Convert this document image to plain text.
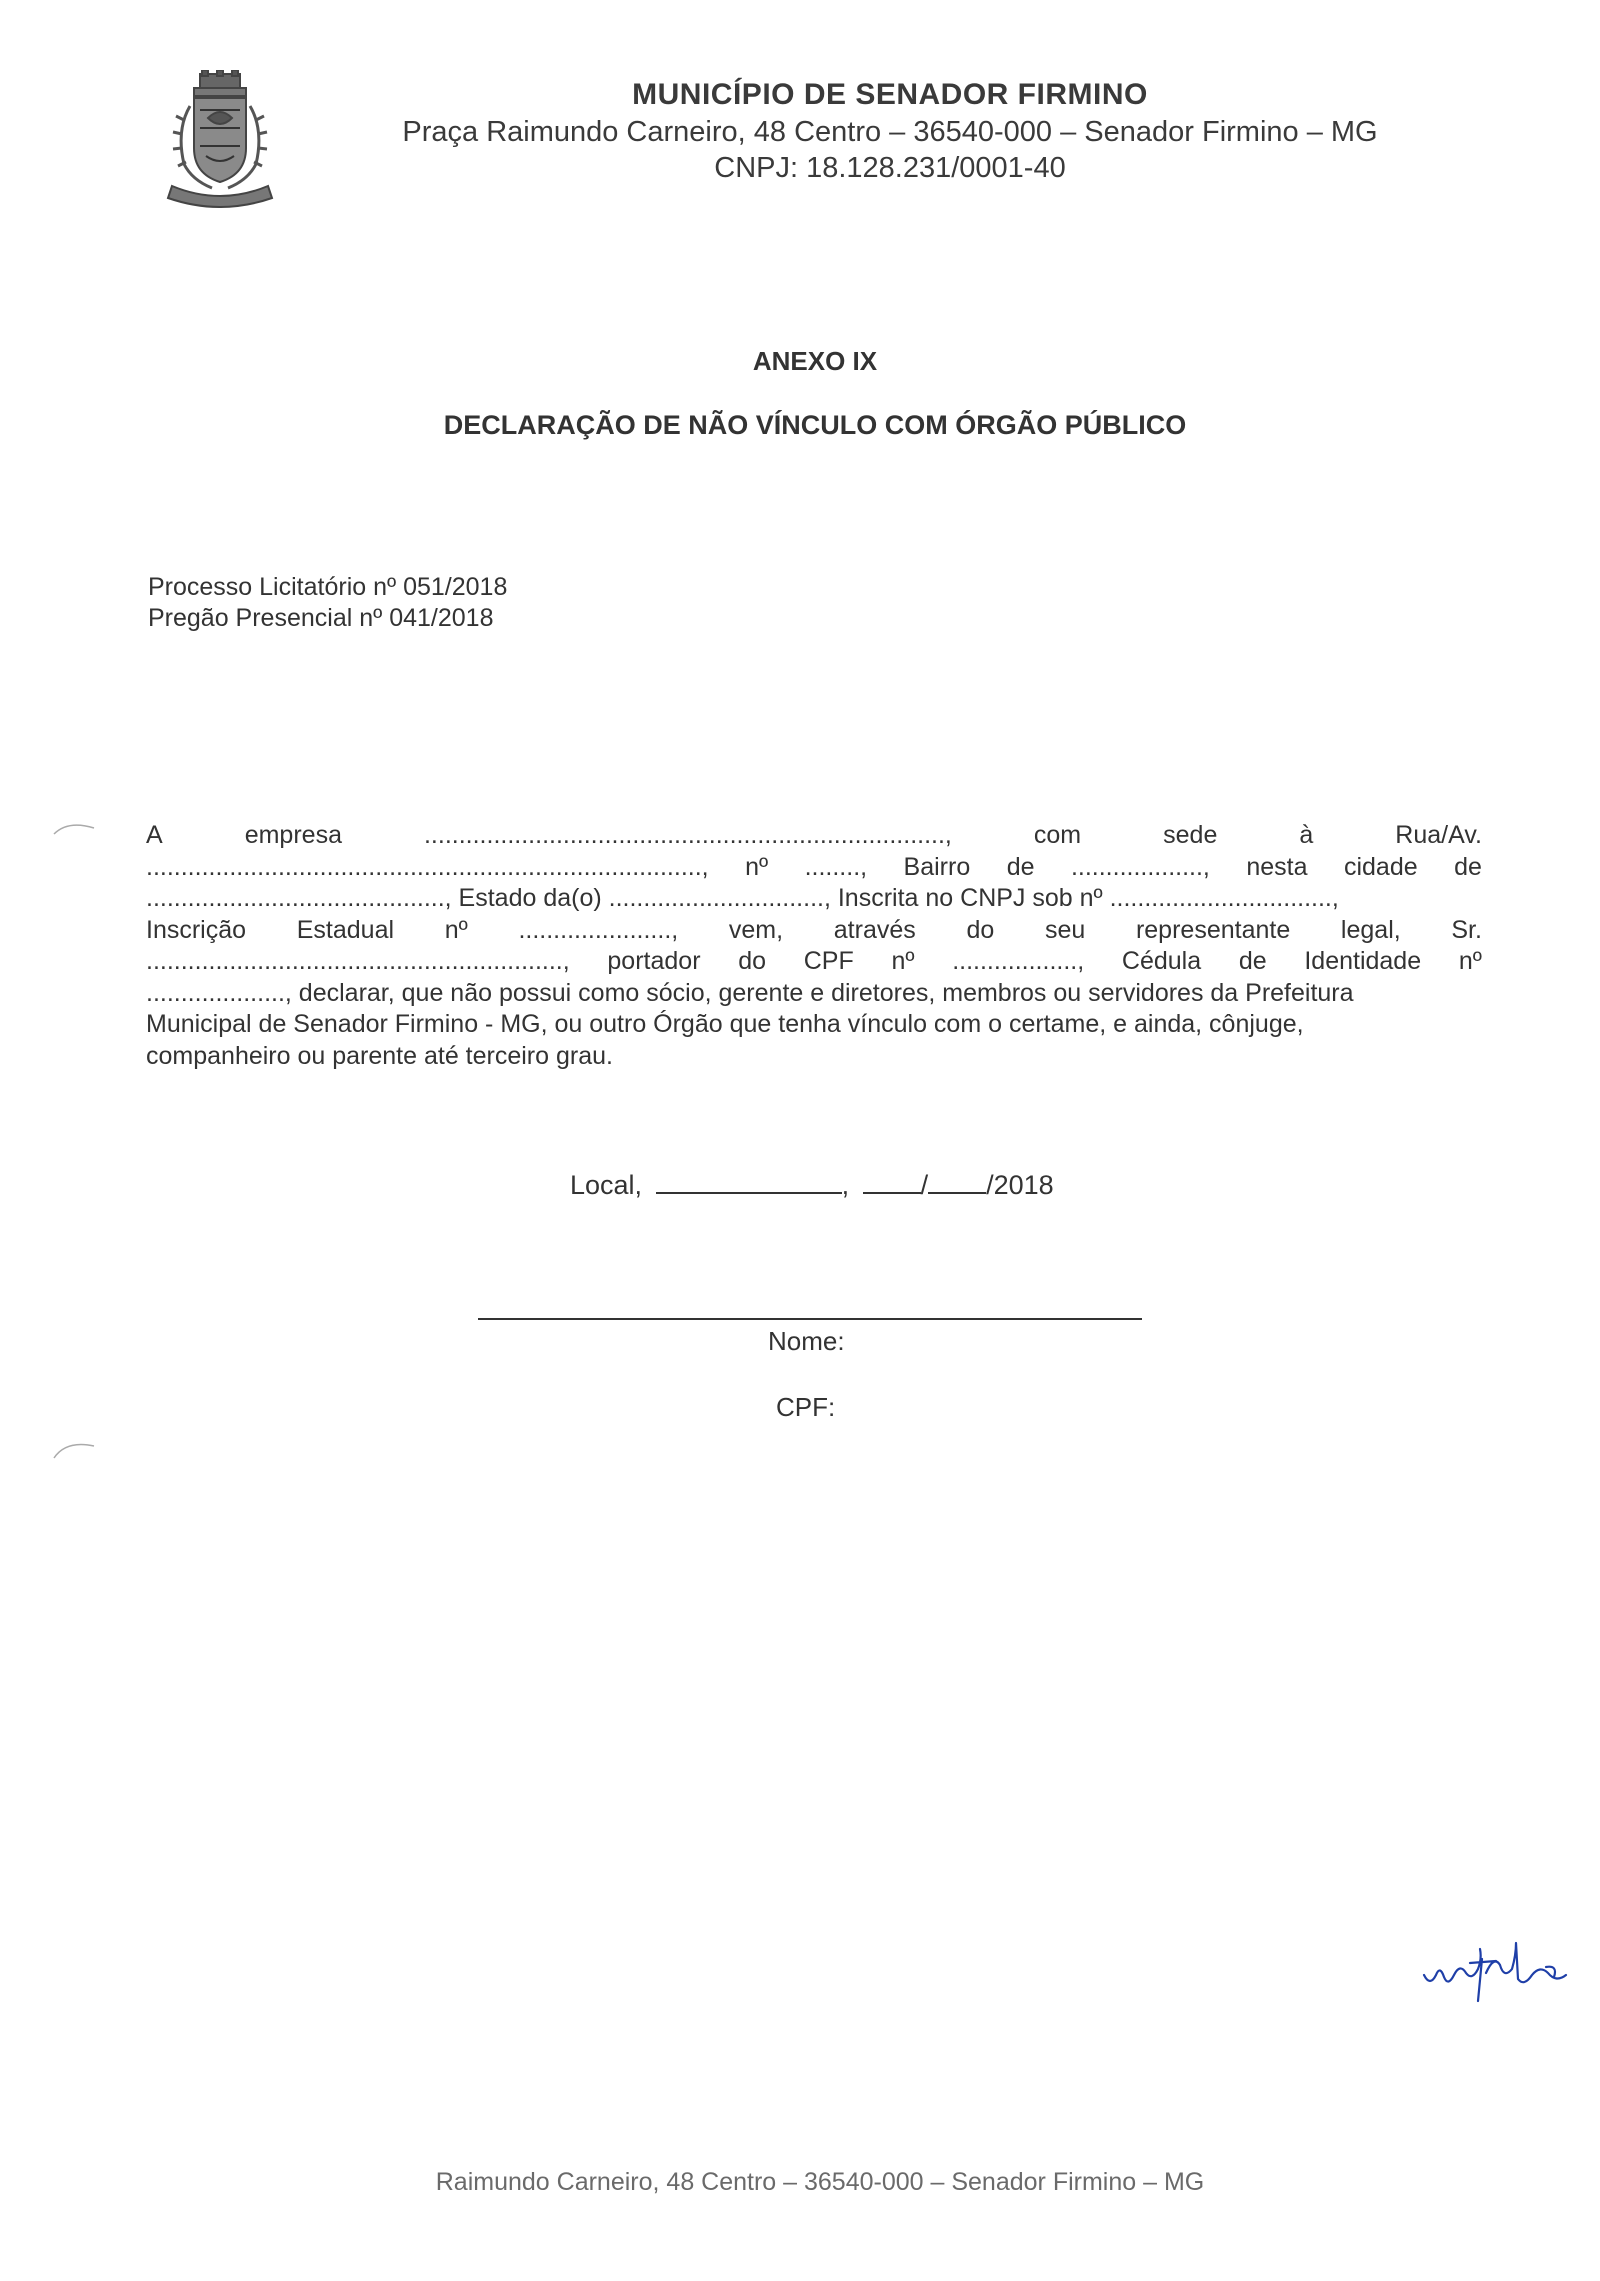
MUNICÍPIO DE SENADOR FIRMINO
Praça Raimundo Carneiro, 48 Centro – 36540-000 – Senador Firmino – MG
CNPJ: 18.128.231/0001-40
ANEXO IX
DECLARAÇÃO DE NÃO VÍNCULO COM ÓRGÃO PÚBLICO
Processo Licitatório nº 051/2018
Pregão Presencial nº 041/2018
A	empresa	...........................................................................,	com	sede	à	Rua/Av.
................................................................................, nº ........, Bairro de ..................., nesta cidade de
..........................................., Estado da(o) ..............................., Inscrita no CNPJ sob nº ................................,
Inscrição Estadual nº ......................, vem, através do seu representante legal, Sr.
............................................................, portador do CPF nº .................., Cédula de Identidade nº
...................., declarar, que não possui como sócio, gerente e diretores, membros ou servidores da Prefeitura
Municipal de Senador Firmino - MG, ou outro Órgão que tenha vínculo com o certame, e ainda, cônjuge,
companheiro ou parente até terceiro grau.
Local,	,	/ /2018
Nome:
CPF:
Raimundo Carneiro, 48 Centro – 36540-000 – Senador Firmino – MG
